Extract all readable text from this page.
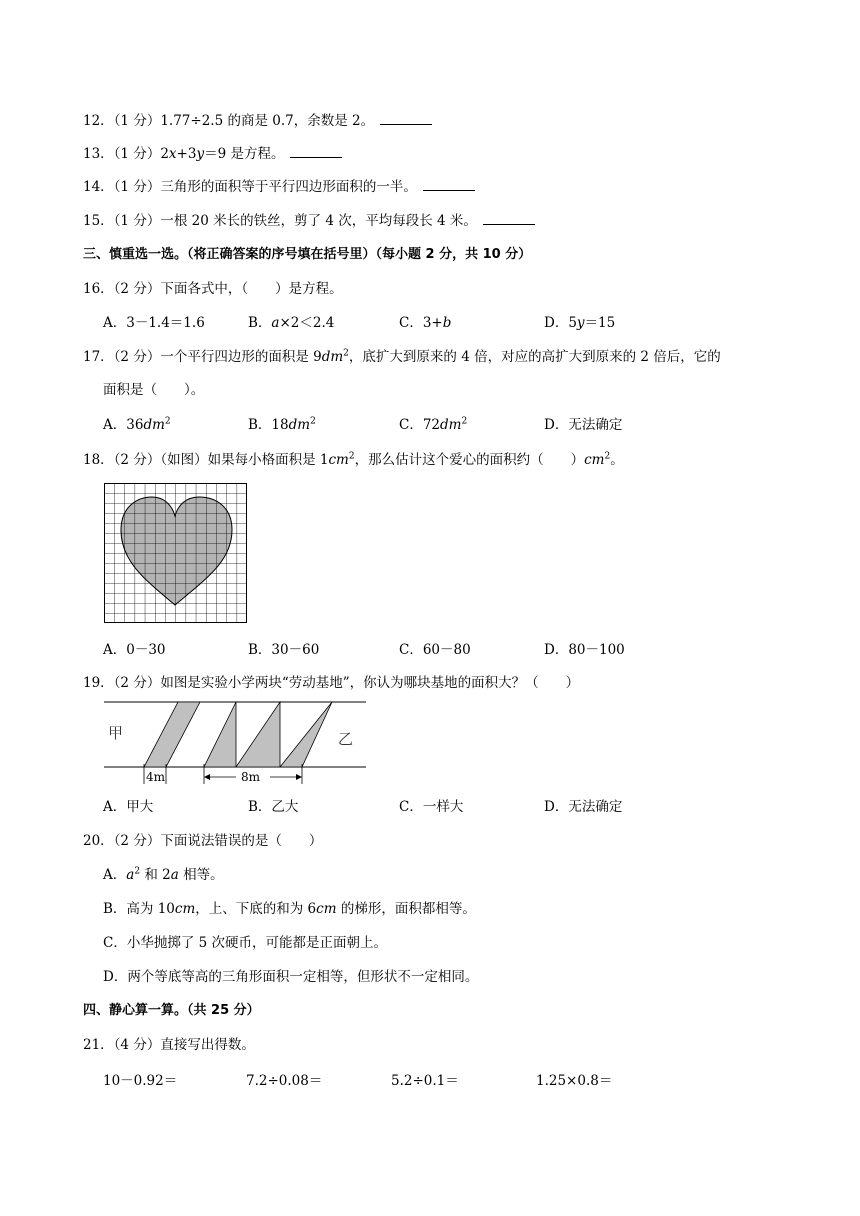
12．（1 分）1.77÷2.5 的商是 0.7，余数是 2。
13．（1 分）2x+3y＝9 是方程。
14．（1 分）三角形的面积等于平行四边形面积的一半。
15．（1 分）一根 20 米长的铁丝，剪了 4 次，平均每段长 4 米。
三、慎重选一选。（将正确答案的序号填在括号里）（每小题 2 分，共 10 分）
16．（2 分）下面各式中，（　　）是方程。
A．3－1.4＝1.6	B．a×2＜2.4	C．3+b	D．5y＝15
17．（2 分）一个平行四边形的面积是 $9dm^2$，底扩大到原来的 4 倍，对应的高扩大到原来的 2 倍后，它的
面积是（　　）。
A．$36dm^2$	B．$18dm^2$	C．$72dm^2$	D．无法确定
18．（2 分）（如图）如果每小格面积是 $1cm^2$，那么估计这个爱心的面积约（　　）$cm^2$。
A．0－30	B．30－60	C．60－80	D．80－100
19．（2 分）如图是实验小学两块“劳动基地”，你认为哪块基地的面积大？（　　）
甲	乙
4m	8m
A．甲大	B．乙大	C．一样大	D．无法确定
20．（2 分）下面说法错误的是（　　）
A．$a^2$ 和 2a 相等。
B．高为 10cm，上、下底的和为 6cm 的梯形，面积都相等。
C．小华抛掷了 5 次硬币，可能都是正面朝上。
D．两个等底等高的三角形面积一定相等，但形状不一定相同。
四、静心算一算。（共 25 分）
21．（4 分）直接写出得数。
10－0.92＝	7.2÷0.08＝	5.2÷0.1＝	1.25×0.8＝
